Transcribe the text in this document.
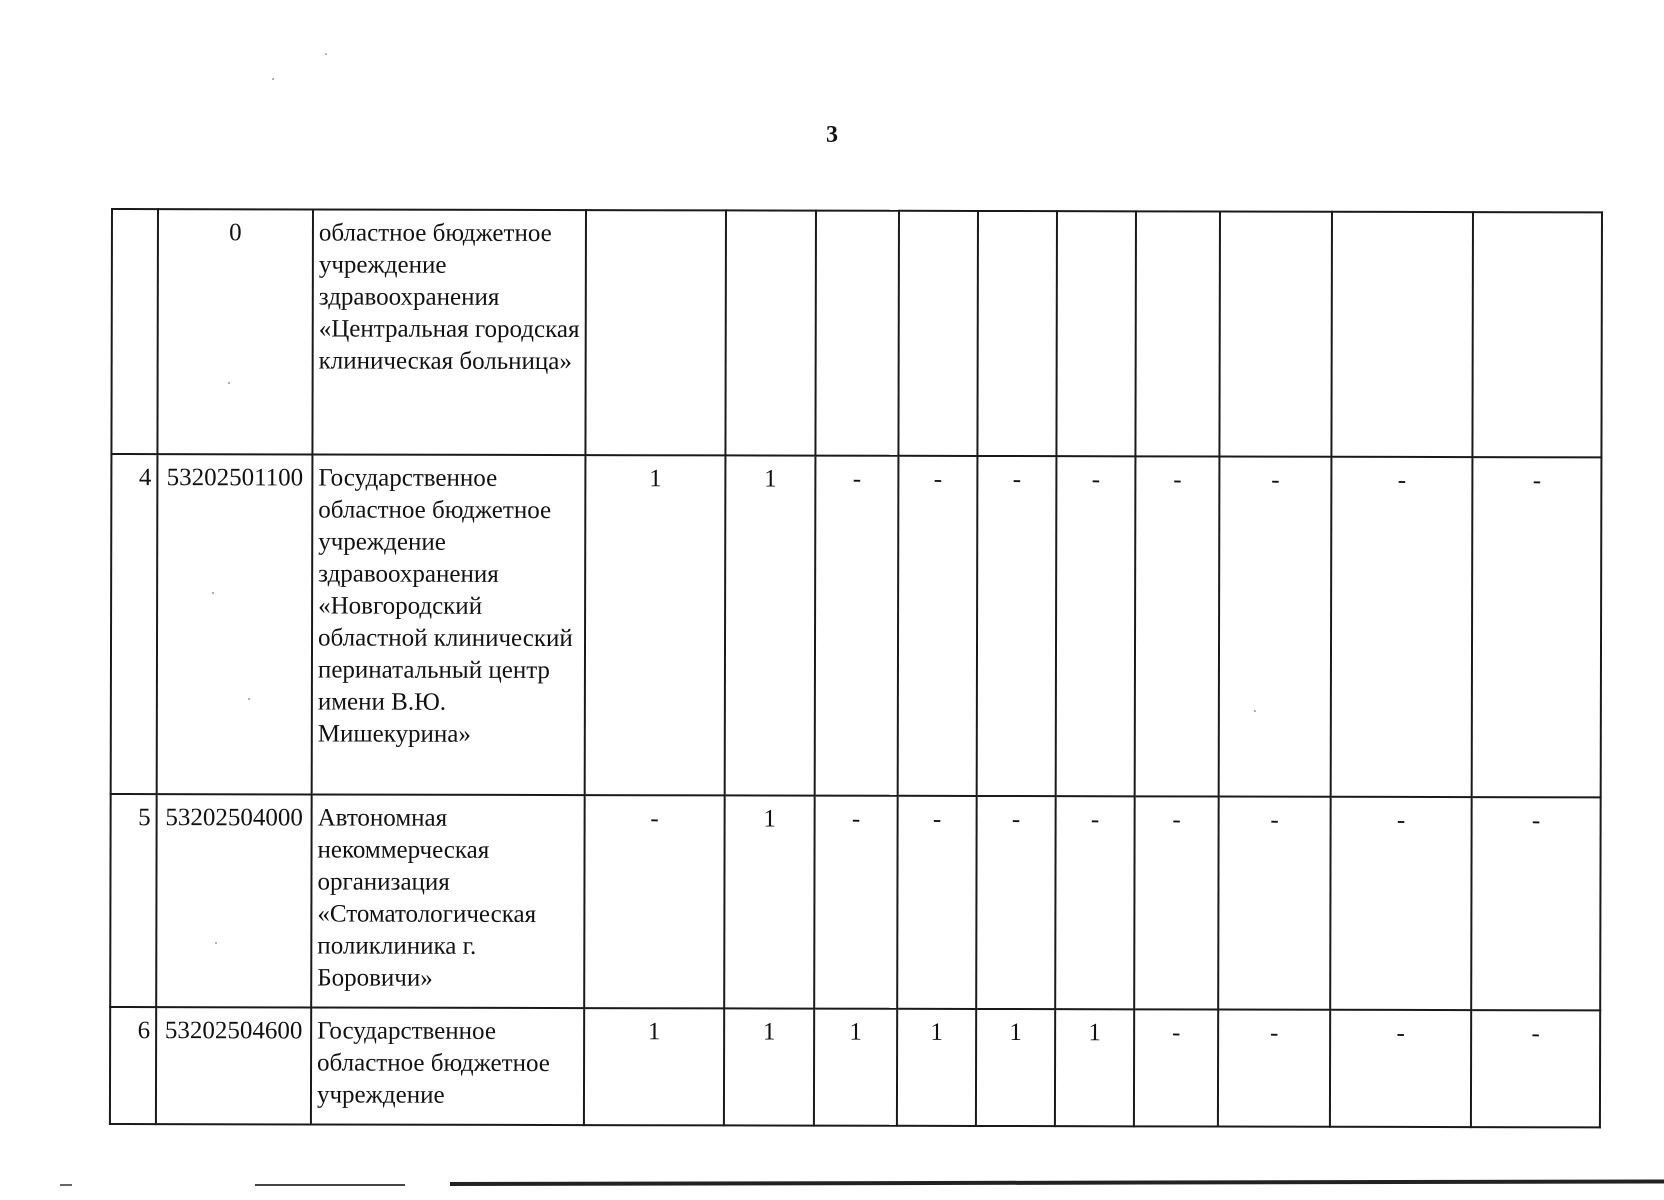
3
	0	областное бюджетное учреждение здравоохранения «Центральная городская клиническая больница»										
4	53202501100	Государственное областное бюджетное учреждение здравоохранения «Новгородский областной клинический перинатальный центр имени В.Ю. Мишекурина»	1	1	-	-	-	-	-	-	-	-
5	53202504000	Автономная некоммерческая организация «Стоматологическая поликлиника г. Боровичи»	-	1	-	-	-	-	-	-	-	-
6	53202504600	Государственное областное бюджетное учреждение	1	1	1	1	1	1	-	-	-	-
